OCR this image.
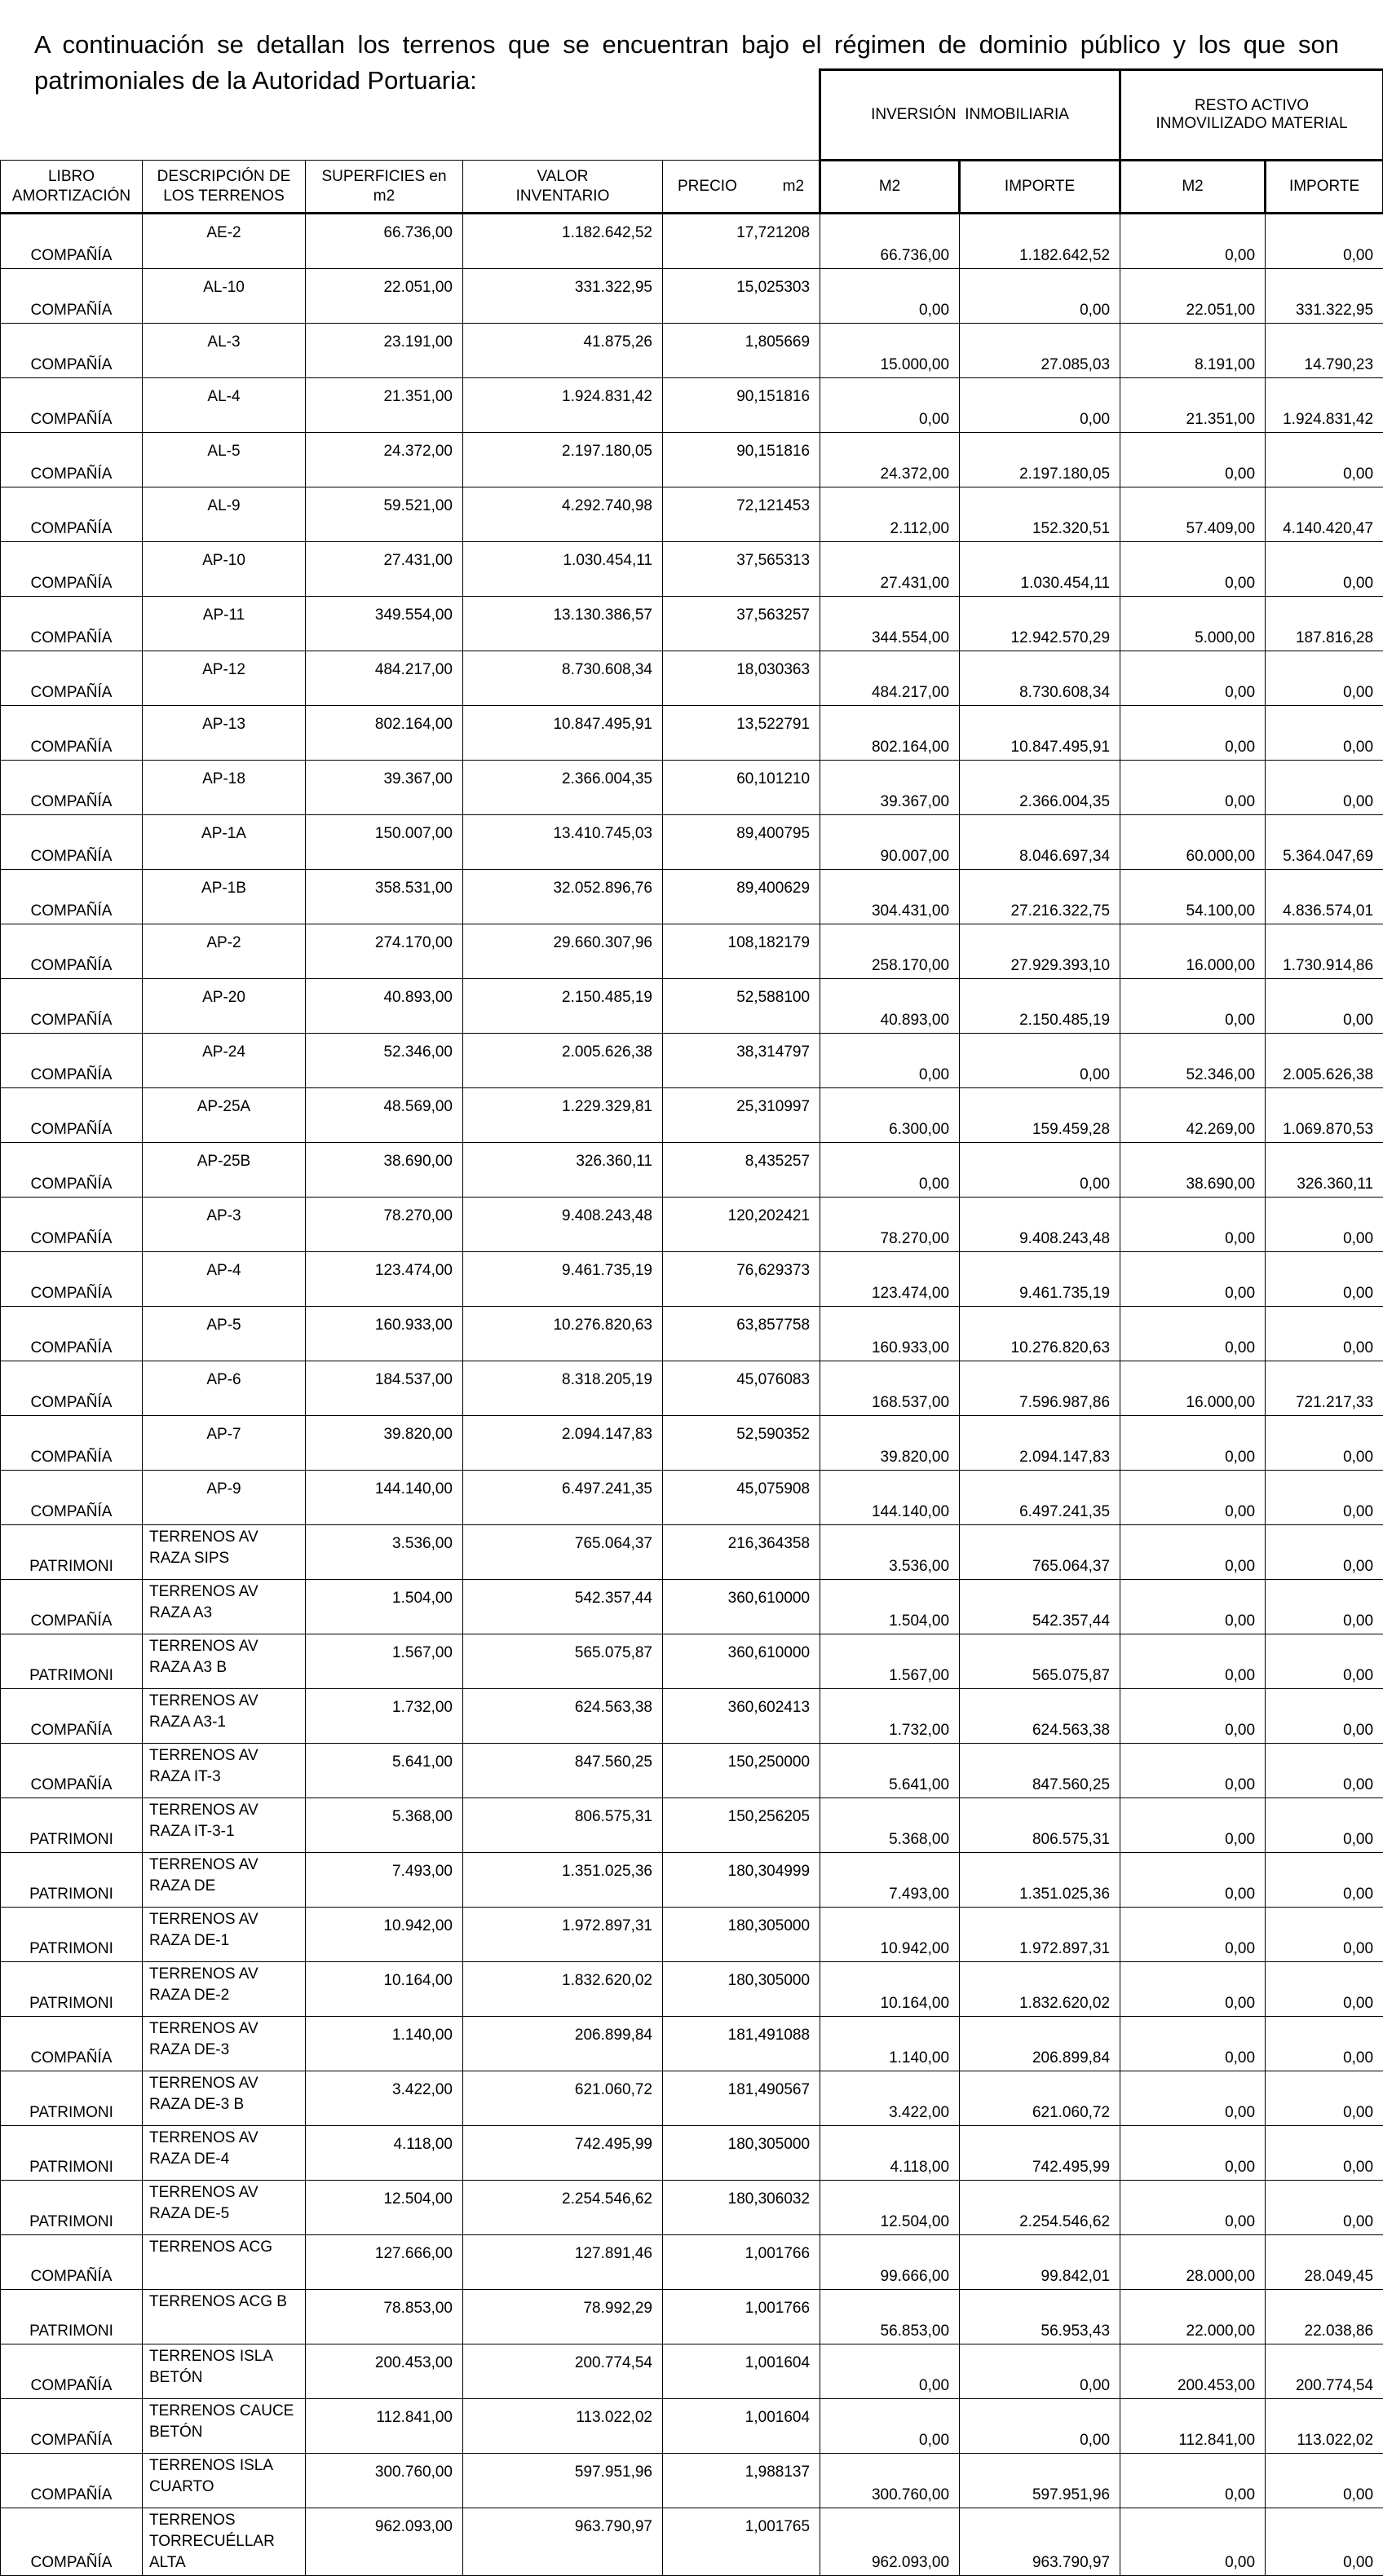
A continuación se detallan los terrenos que se encuentran bajo el régimen de dominio público y los que son patrimoniales de la Autoridad Portuaria:

					INVERSIÓN  INMOBILIARIA		RESTO ACTIVO INMOVILIZADO MATERIAL	
LIBRO AMORTIZACIÓN	DESCRIPCIÓN DE LOS TERRENOS	SUPERFICIES en m2	VALOR INVENTARIO	PRECIO m2	M2	IMPORTE	M2	IMPORTE
COMPAÑÍA	AE-2	66.736,00	1.182.642,52	17,721208	66.736,00	1.182.642,52	0,00	0,00
COMPAÑÍA	AL-10	22.051,00	331.322,95	15,025303	0,00	0,00	22.051,00	331.322,95
COMPAÑÍA	AL-3	23.191,00	41.875,26	1,805669	15.000,00	27.085,03	8.191,00	14.790,23
COMPAÑÍA	AL-4	21.351,00	1.924.831,42	90,151816	0,00	0,00	21.351,00	1.924.831,42
COMPAÑÍA	AL-5	24.372,00	2.197.180,05	90,151816	24.372,00	2.197.180,05	0,00	0,00
COMPAÑÍA	AL-9	59.521,00	4.292.740,98	72,121453	2.112,00	152.320,51	57.409,00	4.140.420,47
COMPAÑÍA	AP-10	27.431,00	1.030.454,11	37,565313	27.431,00	1.030.454,11	0,00	0,00
COMPAÑÍA	AP-11	349.554,00	13.130.386,57	37,563257	344.554,00	12.942.570,29	5.000,00	187.816,28
COMPAÑÍA	AP-12	484.217,00	8.730.608,34	18,030363	484.217,00	8.730.608,34	0,00	0,00
COMPAÑÍA	AP-13	802.164,00	10.847.495,91	13,522791	802.164,00	10.847.495,91	0,00	0,00
COMPAÑÍA	AP-18	39.367,00	2.366.004,35	60,101210	39.367,00	2.366.004,35	0,00	0,00
COMPAÑÍA	AP-1A	150.007,00	13.410.745,03	89,400795	90.007,00	8.046.697,34	60.000,00	5.364.047,69
COMPAÑÍA	AP-1B	358.531,00	32.052.896,76	89,400629	304.431,00	27.216.322,75	54.100,00	4.836.574,01
COMPAÑÍA	AP-2	274.170,00	29.660.307,96	108,182179	258.170,00	27.929.393,10	16.000,00	1.730.914,86
COMPAÑÍA	AP-20	40.893,00	2.150.485,19	52,588100	40.893,00	2.150.485,19	0,00	0,00
COMPAÑÍA	AP-24	52.346,00	2.005.626,38	38,314797	0,00	0,00	52.346,00	2.005.626,38
COMPAÑÍA	AP-25A	48.569,00	1.229.329,81	25,310997	6.300,00	159.459,28	42.269,00	1.069.870,53
COMPAÑÍA	AP-25B	38.690,00	326.360,11	8,435257	0,00	0,00	38.690,00	326.360,11
COMPAÑÍA	AP-3	78.270,00	9.408.243,48	120,202421	78.270,00	9.408.243,48	0,00	0,00
COMPAÑÍA	AP-4	123.474,00	9.461.735,19	76,629373	123.474,00	9.461.735,19	0,00	0,00
COMPAÑÍA	AP-5	160.933,00	10.276.820,63	63,857758	160.933,00	10.276.820,63	0,00	0,00
COMPAÑÍA	AP-6	184.537,00	8.318.205,19	45,076083	168.537,00	7.596.987,86	16.000,00	721.217,33
COMPAÑÍA	AP-7	39.820,00	2.094.147,83	52,590352	39.820,00	2.094.147,83	0,00	0,00
COMPAÑÍA	AP-9	144.140,00	6.497.241,35	45,075908	144.140,00	6.497.241,35	0,00	0,00
PATRIMONI	TERRENOS AV RAZA SIPS	3.536,00	765.064,37	216,364358	3.536,00	765.064,37	0,00	0,00
COMPAÑÍA	TERRENOS AV RAZA A3	1.504,00	542.357,44	360,610000	1.504,00	542.357,44	0,00	0,00
PATRIMONI	TERRENOS AV RAZA A3 B	1.567,00	565.075,87	360,610000	1.567,00	565.075,87	0,00	0,00
COMPAÑÍA	TERRENOS AV RAZA A3-1	1.732,00	624.563,38	360,602413	1.732,00	624.563,38	0,00	0,00
COMPAÑÍA	TERRENOS AV RAZA IT-3	5.641,00	847.560,25	150,250000	5.641,00	847.560,25	0,00	0,00
PATRIMONI	TERRENOS AV RAZA IT-3-1	5.368,00	806.575,31	150,256205	5.368,00	806.575,31	0,00	0,00
PATRIMONI	TERRENOS AV RAZA DE	7.493,00	1.351.025,36	180,304999	7.493,00	1.351.025,36	0,00	0,00
PATRIMONI	TERRENOS AV RAZA DE-1	10.942,00	1.972.897,31	180,305000	10.942,00	1.972.897,31	0,00	0,00
PATRIMONI	TERRENOS AV RAZA DE-2	10.164,00	1.832.620,02	180,305000	10.164,00	1.832.620,02	0,00	0,00
COMPAÑÍA	TERRENOS AV RAZA DE-3	1.140,00	206.899,84	181,491088	1.140,00	206.899,84	0,00	0,00
PATRIMONI	TERRENOS AV RAZA DE-3 B	3.422,00	621.060,72	181,490567	3.422,00	621.060,72	0,00	0,00
PATRIMONI	TERRENOS AV RAZA DE-4	4.118,00	742.495,99	180,305000	4.118,00	742.495,99	0,00	0,00
PATRIMONI	TERRENOS AV RAZA DE-5	12.504,00	2.254.546,62	180,306032	12.504,00	2.254.546,62	0,00	0,00
COMPAÑÍA	TERRENOS ACG	127.666,00	127.891,46	1,001766	99.666,00	99.842,01	28.000,00	28.049,45
PATRIMONI	TERRENOS ACG B	78.853,00	78.992,29	1,001766	56.853,00	56.953,43	22.000,00	22.038,86
COMPAÑÍA	TERRENOS ISLA BETÓN	200.453,00	200.774,54	1,001604	0,00	0,00	200.453,00	200.774,54
COMPAÑÍA	TERRENOS CAUCE BETÓN	112.841,00	113.022,02	1,001604	0,00	0,00	112.841,00	113.022,02
COMPAÑÍA	TERRENOS ISLA CUARTO	300.760,00	597.951,96	1,988137	300.760,00	597.951,96	0,00	0,00
COMPAÑÍA	TERRENOS TORRECUÉLLAR ALTA	962.093,00	963.790,97	1,001765	962.093,00	963.790,97	0,00	0,00
